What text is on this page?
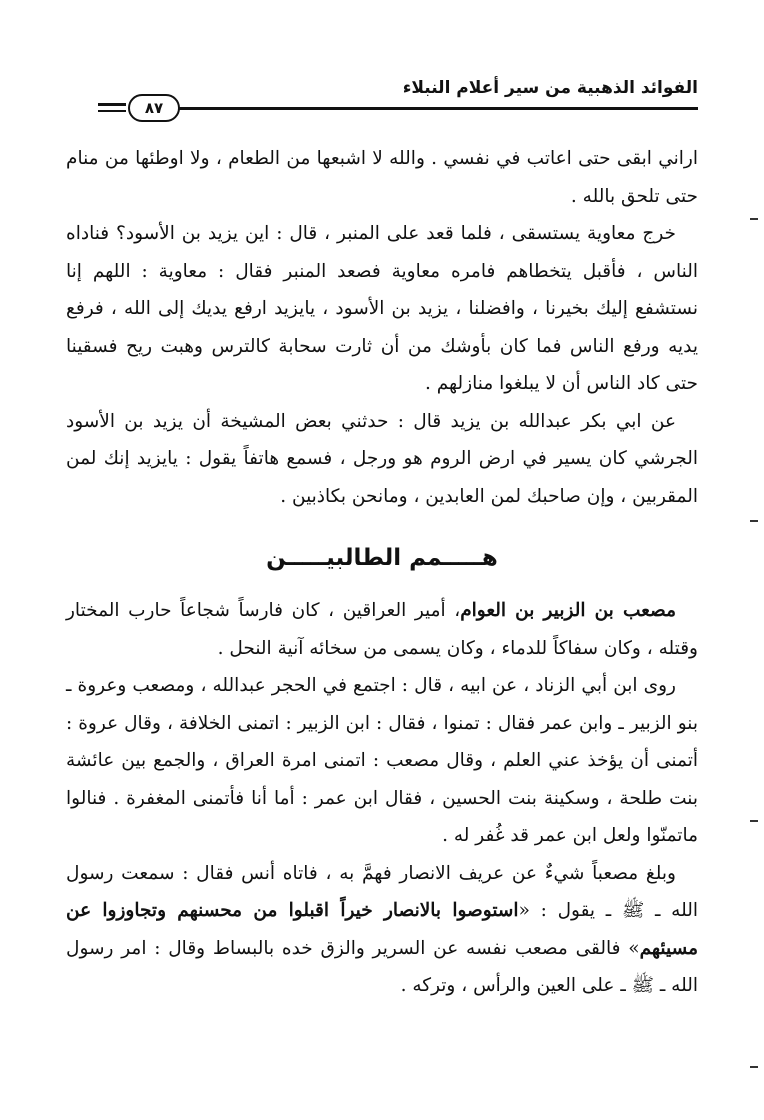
الفوائد الذهبية من سير أعلام النبلاء
٨٧

اراني ابقى حتى اعاتب في نفسي . والله لا اشبعها من الطعام ، ولا اوطئها من منام حتى تلحق بالله .

خرج معاوية يستسقى ، فلما قعد على المنبر ، قال : اين يزيد بن الأسود؟ فناداه الناس ، فأقبل يتخطاهم فامره معاوية فصعد المنبر فقال : معاوية : اللهم إنا نستشفع إليك بخيرنا ، وافضلنا ، يزيد بن الأسود ، يايزيد ارفع يديك إلى الله ، فرفع يديه ورفع الناس فما كان بأوشك من أن ثارت سحابة كالترس وهبت ريح فسقينا حتى كاد الناس أن لا يبلغوا منازلهم .

عن ابي بكر عبدالله بن يزيد قال : حدثني بعض المشيخة أن يزيد بن الأسود الجرشي كان يسير في ارض الروم هو ورجل ، فسمع هاتفاً يقول : يايزيد إنك لمن المقربين ، وإن صاحبك لمن العابدين ، ومانحن بكاذبين .

هـــــمم الطالبيـــــن

مصعب بن الزبير بن العوام، أمير العراقين ، كان فارساً شجاعاً حارب المختار وقتله ، وكان سفاكاً للدماء ، وكان يسمى من سخائه آنية النحل .

روى ابن أبي الزناد ، عن ابيه ، قال : اجتمع في الحجر عبدالله ، ومصعب وعروة ـ بنو الزبير ـ وابن عمر فقال : تمنوا ، فقال : ابن الزبير : اتمنى الخلافة ، وقال عروة : أتمنى أن يؤخذ عني العلم ، وقال مصعب : اتمنى امرة العراق ، والجمع بين عائشة بنت طلحة ، وسكينة بنت الحسين ، فقال ابن عمر : أما أنا فأتمنى المغفرة . فنالوا ماتمنّوا ولعل ابن عمر قد غُفر له .

وبلغ مصعباً شيءٌ عن عريف الانصار فهمَّ به ، فاتاه أنس فقال : سمعت رسول الله ـ ﷺ ـ يقول : «استوصوا بالانصار خيراً اقبلوا من محسنهم وتجاوزوا عن مسيئهم» فالقى مصعب نفسه عن السرير والزق خده بالبساط وقال : امر رسول الله ـ ﷺ ـ على العين والرأس ، وتركه .
